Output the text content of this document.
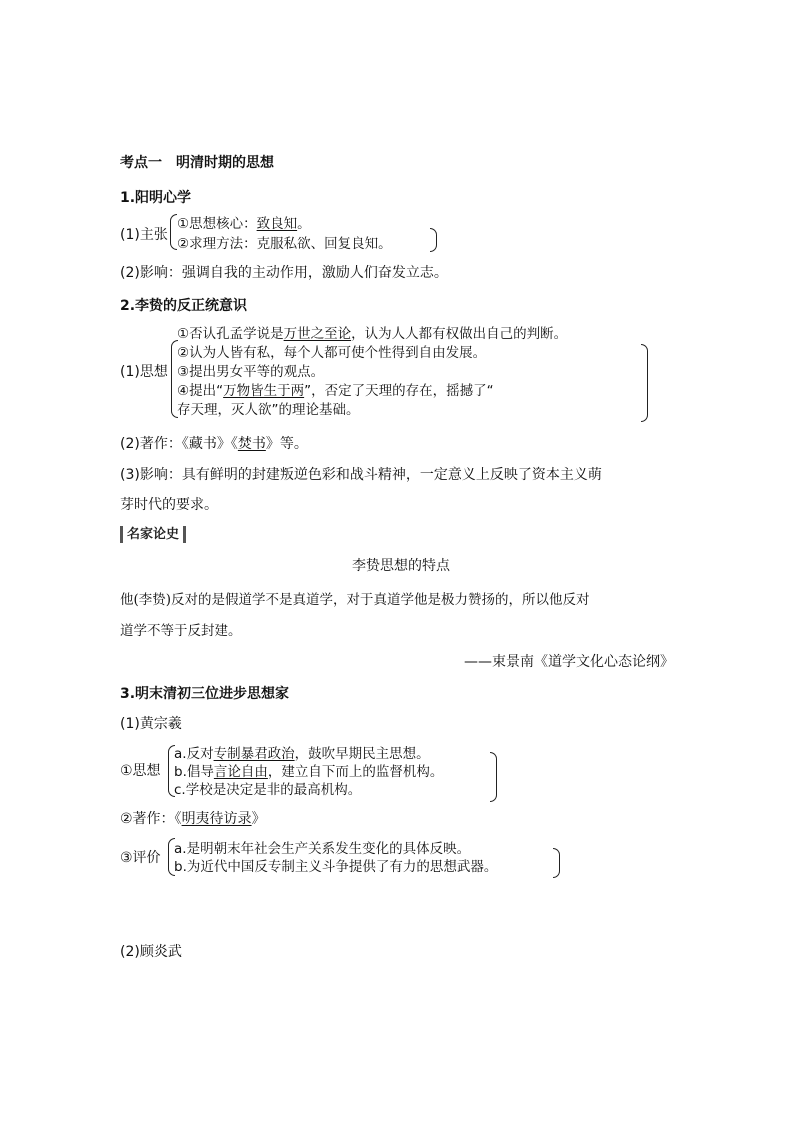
考点一　明清时期的思想
1.阳明心学
(1)主张
①思想核心：致良知。
②求理方法：克服私欲、回复良知。
(2)影响：强调自我的主动作用，激励人们奋发立志。
2.李贽的反正统意识
(1)思想
①否认孔孟学说是万世之至论，认为人人都有权做出自己的判断。
②认为人皆有私，每个人都可使个性得到自由发展。
③提出男女平等的观点。
④提出“万物皆生于两”，否定了天理的存在，摇撼了“
存天理，灭人欲”的理论基础。
(2)著作：《藏书》《焚书》等。
(3)影响：具有鲜明的封建叛逆色彩和战斗精神，一定意义上反映了资本主义萌
芽时代的要求。
名家论史
李贽思想的特点
他(李贽)反对的是假道学不是真道学，对于真道学他是极力赞扬的，所以他反对
道学不等于反封建。
——束景南《道学文化心态论纲》
3.明末清初三位进步思想家
(1)黄宗羲
①思想
a.反对专制暴君政治，鼓吹早期民主思想。
b.倡导言论自由，建立自下而上的监督机构。
c.学校是决定是非的最高机构。
②著作：《明夷待访录》
③评价
a.是明朝末年社会生产关系发生变化的具体反映。
b.为近代中国反专制主义斗争提供了有力的思想武器。
(2)顾炎武
